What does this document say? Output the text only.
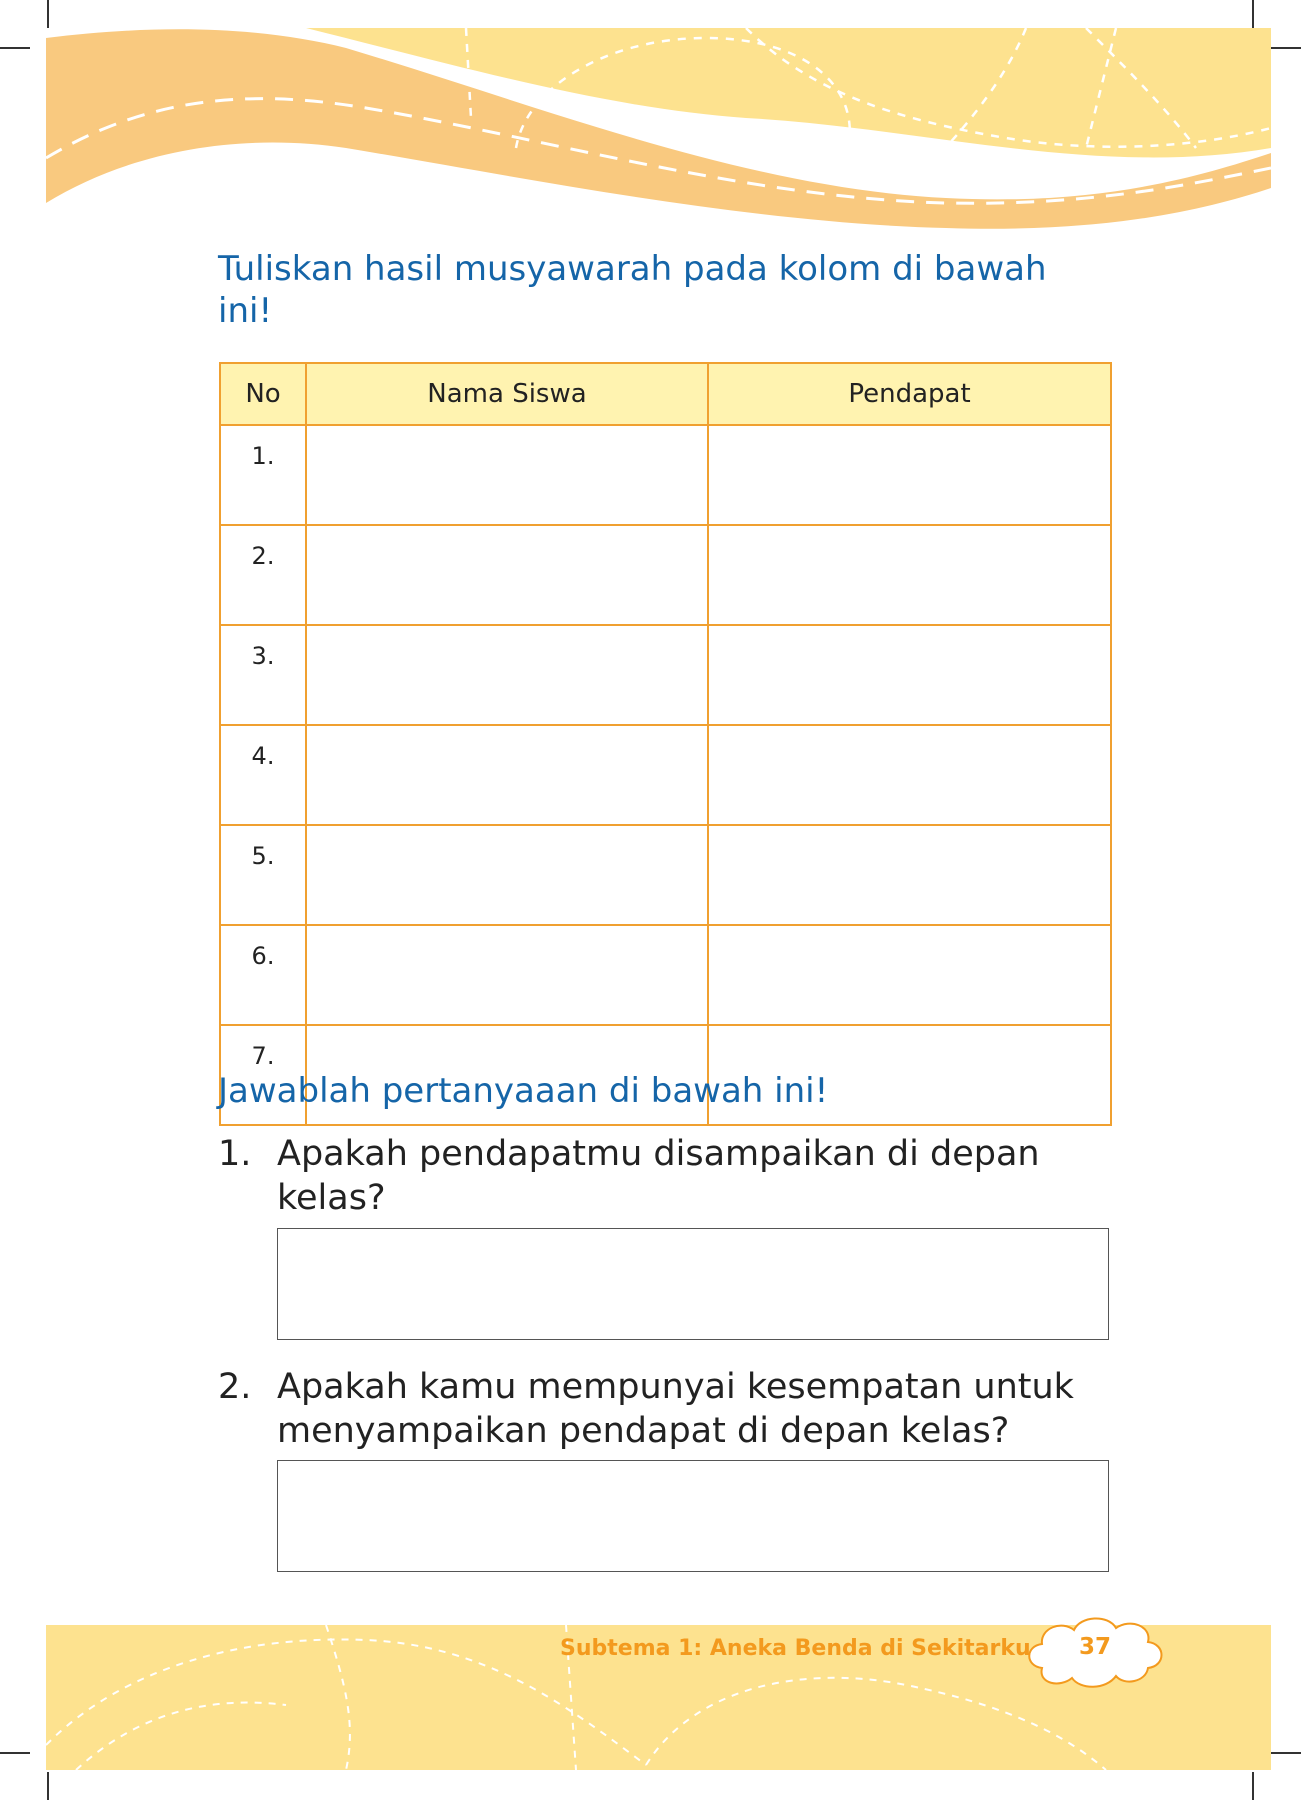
Tuliskan hasil musyawarah pada kolom di bawah ini!
No	Nama Siswa	Pendapat
1.		
2.		
3.		
4.		
5.		
6.		
7.		
Jawablah pertanyaaan di bawah ini!
1. Apakah pendapatmu disampaikan di depan kelas?
2. Apakah kamu mempunyai kesempatan untuk menyampaikan pendapat di depan kelas?
Subtema 1: Aneka Benda di Sekitarku	37
